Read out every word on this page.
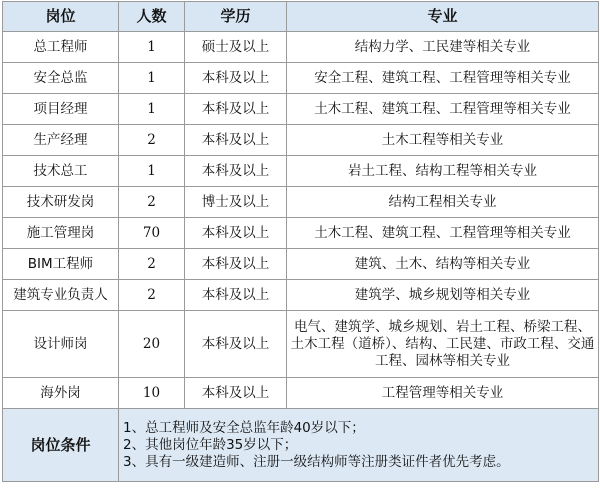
岗位	人数	学历	专业
总工程师	1	硕士及以上	结构力学、工民建等相关专业
安全总监	1	本科及以上	安全工程、建筑工程、工程管理等相关专业
项目经理	1	本科及以上	土木工程、建筑工程、工程管理等相关专业
生产经理	2	本科及以上	土木工程等相关专业
技术总工	1	本科及以上	岩土工程、结构工程等相关专业
技术研发岗	2	博士及以上	结构工程相关专业
施工管理岗	70	本科及以上	土木工程、建筑工程、工程管理等相关专业
BIM工程师	2	本科及以上	建筑、土木、结构等相关专业
建筑专业负责人	2	本科及以上	建筑学、城乡规划等相关专业
设计师岗	20	本科及以上	电气、建筑学、城乡规划、岩土工程、桥梁工程、土木工程（道桥）、结构、工民建、市政工程、交通工程、园林等相关专业
海外岗	10	本科及以上	工程管理等相关专业
岗位条件	1、总工程师及安全总监年龄40岁以下；
2、其他岗位年龄35岁以下；
3、具有一级建造师、注册一级结构师等注册类证件者优先考虑。		
